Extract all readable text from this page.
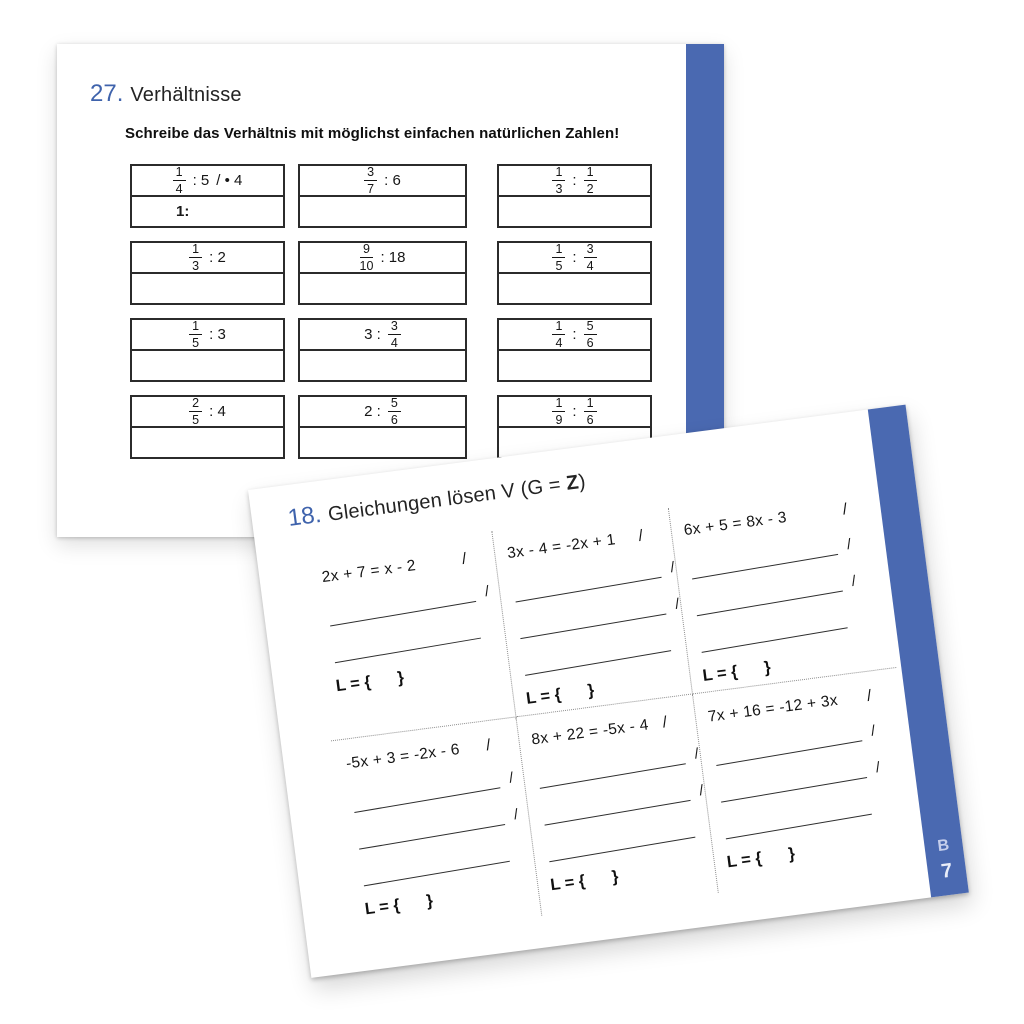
27. Verhältnisse
Schreibe das Verhältnis mit möglichst einfachen natürlichen Zahlen!
$\frac{1}{4}$ : 5 / • 4
1:
$\frac{3}{7}$ : 6	$\frac{1}{3}$ : $\frac{1}{2}$
$\frac{1}{3}$ : 2	$\frac{9}{10}$ : 18	$\frac{1}{5}$ : $\frac{3}{4}$
$\frac{1}{5}$ : 3	3 : $\frac{3}{4}$	$\frac{1}{4}$ : $\frac{5}{6}$
$\frac{2}{5}$ : 4	2 : $\frac{5}{6}$	$\frac{1}{9}$ : $\frac{1}{6}$
B
7
18. Gleichungen lösen V (G = Z)
2x + 7 = x - 2	/
/
L = { }
3x - 4 = -2x + 1 /
/
/
L = { }
6x + 5 = 8x - 3	/
/
/
L = { }
-5x + 3 = -2x - 6 /
/
/
L = { }
8x + 22 = -5x - 4 /
/
/
L = { }
7x + 16 = -12 + 3x /
/
/
L = { }
